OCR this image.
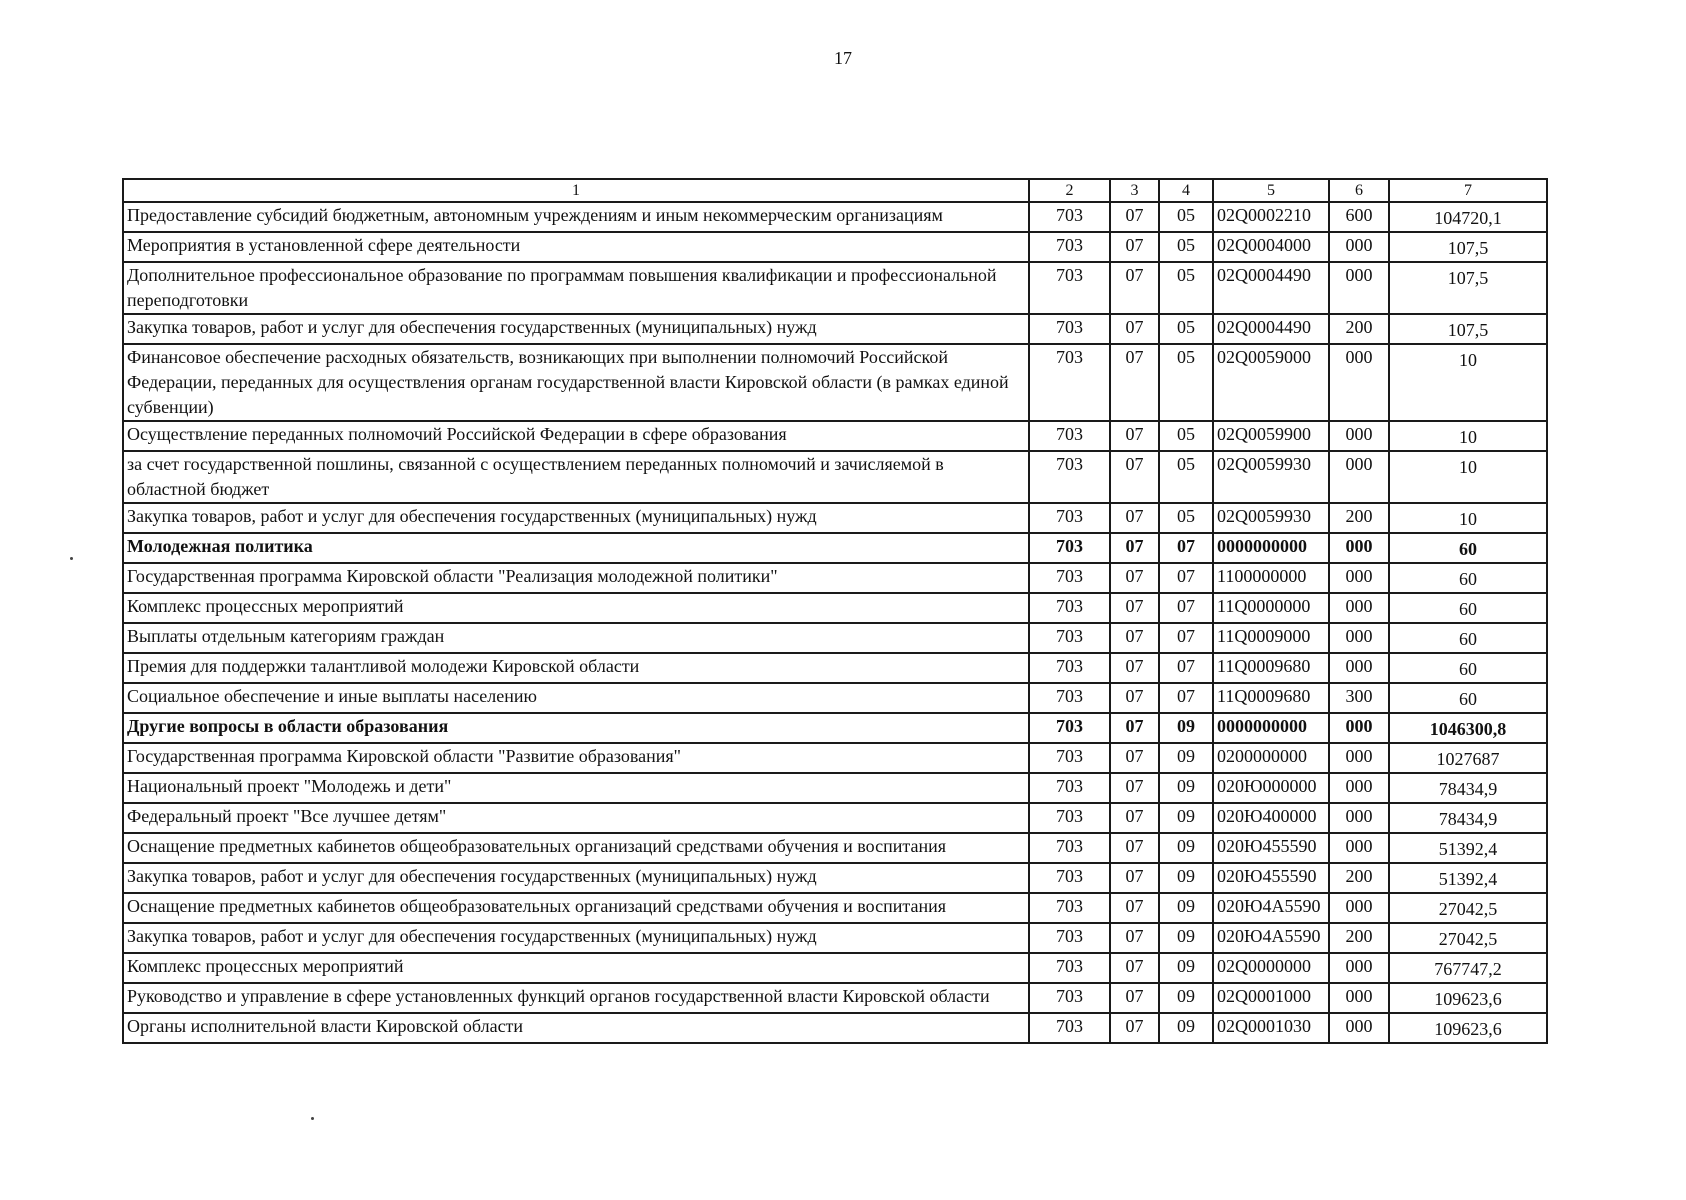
17
1	2	3	4	5	6	7
Предоставление субсидий бюджетным, автономным учреждениям и иным некоммерческим организациям	703	07	05	02Q0002210	600	104720,1
Мероприятия в установленной сфере деятельности	703	07	05	02Q0004000	000	107,5
Дополнительное профессиональное образование по программам повышения квалификации и профессиональной переподготовки	703	07	05	02Q0004490	000	107,5
Закупка товаров, работ и услуг для обеспечения государственных (муниципальных) нужд	703	07	05	02Q0004490	200	107,5
Финансовое обеспечение расходных обязательств, возникающих при выполнении полномочий Российской Федерации, переданных для осуществления органам государственной власти Кировской области (в рамках единой субвенции)	703	07	05	02Q0059000	000	10
Осуществление переданных полномочий Российской Федерации в сфере образования	703	07	05	02Q0059900	000	10
за счет государственной пошлины, связанной с осуществлением переданных полномочий и зачисляемой в областной бюджет	703	07	05	02Q0059930	000	10
Закупка товаров, работ и услуг для обеспечения государственных (муниципальных) нужд	703	07	05	02Q0059930	200	10
Молодежная политика	703	07	07	0000000000	000	60
Государственная программа Кировской области "Реализация молодежной политики"	703	07	07	1100000000	000	60
Комплекс процессных мероприятий	703	07	07	11Q0000000	000	60
Выплаты отдельным категориям граждан	703	07	07	11Q0009000	000	60
Премия для поддержки талантливой молодежи Кировской области	703	07	07	11Q0009680	000	60
Социальное обеспечение и иные выплаты населению	703	07	07	11Q0009680	300	60
Другие вопросы в области образования	703	07	09	0000000000	000	1046300,8
Государственная программа Кировской области "Развитие образования"	703	07	09	0200000000	000	1027687
Национальный проект "Молодежь и дети"	703	07	09	020Ю000000	000	78434,9
Федеральный проект "Все лучшее детям"	703	07	09	020Ю400000	000	78434,9
Оснащение предметных кабинетов общеобразовательных организаций средствами обучения и воспитания	703	07	09	020Ю455590	000	51392,4
Закупка товаров, работ и услуг для обеспечения государственных (муниципальных) нужд	703	07	09	020Ю455590	200	51392,4
Оснащение предметных кабинетов общеобразовательных организаций средствами обучения и воспитания	703	07	09	020Ю4А5590	000	27042,5
Закупка товаров, работ и услуг для обеспечения государственных (муниципальных) нужд	703	07	09	020Ю4А5590	200	27042,5
Комплекс процессных мероприятий	703	07	09	02Q0000000	000	767747,2
Руководство и управление в сфере установленных функций органов государственной власти Кировской области	703	07	09	02Q0001000	000	109623,6
Органы исполнительной власти Кировской области	703	07	09	02Q0001030	000	109623,6
